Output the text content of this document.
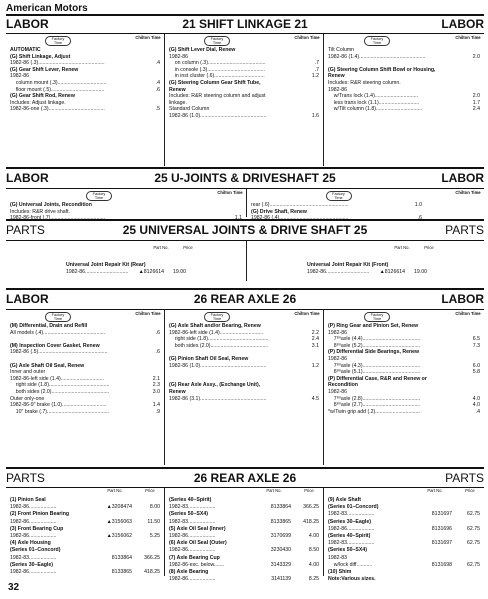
American Motors
LABOR	21 SHIFT LINKAGE 21	LABOR
Factory Time
Chilton Time
AUTOMATIC
(G) Shift Linkage, Adjust
1982-86 (.3)..............................................	.4
(G) Gear Shift Lever, Renew
1982-86
column mount (.3)..................................	.4
floor mount (.5).....................................	.6
(G) Gear Shift Rod, Renew
Includes: Adjust linkage.
1982-86-one (.3).......................................	.5
Factory Time
Chilton Time
(G) Shift Lever Dial, Renew
1982-86
on column (.3)........................................	.7
in console (.3)........................................	.7
in inst cluster (.6)...................................	1.2
(G) Steering Column Gear Shift Tube,
Renew
Includes: R&R steering column and adjust
linkage.
Standard Column
1982-86 (1.0)..............................................	1.6
Factory Time
Chilton Time
Tilt Column
1982-86 (1.4)..............................................	2.0
(G) Steering Column Shift Bowl or Housing,
Renew
Includes: R&R steering column.
1982-86
w/Trans lock (1.4)..............................	2.0
less trans lock (1.1)............................	1.7
w/Tilt column (1.8)................................	2.4
LABOR	25 U-JOINTS & DRIVESHAFT 25	LABOR
Factory Time
Chilton Time
(G) Universal Joints, Recondition
Includes: R&R drive shaft.
Factory Time
Chilton Time
rear (.6).......................................................	1.0
(G) Drive Shaft, Renew
PARTS	25 UNIVERSAL JOINTS & DRIVE SHAFT 25	PARTS
Part No.	Price
Universal Joint Repair Kit (Rear)
1982-86..............................	▲8126614	19.00
Part No.	Price
Universal Joint Repair Kit (Front)
1982-86..............................	▲8126614	19.00
LABOR	26 REAR AXLE 26	LABOR
Factory Time
Chilton Time
(M) Differential, Drain and Refill
All models (.4)...........................................	.6
(M) Inspection Cover Gasket, Renew
1982-86 (.5)................................................	.6
(G) Axle Shaft Oil Seal, Renew
Inner and outer
1982-86-left side (1.4)..............................	2.1
right side (1.8)..........................................	2.3
both sides (2.0)........................................	3.0
Outer only-one
1982-86-9" brake (1.0)...............................	1.4
10" brake (.7)...........................................	.9
Factory Time
Chilton Time
(G) Axle Shaft and/or Bearing, Renew
1982-86-left side (1.4)..............................	2.2
right side (1.8)..........................................	2.4
both sides (2.0)........................................	3.1
(G) Pinion Shaft Oil Seal, Renew
1982-86 (1.0)..............................................	1.2
(G) Rear Axle Assy., (Exchange Unit),
Renew
1982-86 (3.1)..............................................	4.5
Factory Time
Chilton Time
(P) Ring Gear and Pinion Set, Renew
1982-86
7⁸⁰axle (4.4)........................................	6.5
8⁸⁰axle (5.2)........................................	7.3
(P) Differential Side Bearings, Renew
1982-86
7⁸⁰axle (4.3)........................................	6.0
8⁸⁰axle (5.1)........................................	5.8
(P) Differential Case, R&R and Renew or
Recondition
1982-86
7⁸⁰axle (2.8)........................................	4.0
8⁸⁰axle (2.7)........................................	4.0
*w/Twin grip add (.2)...............................	.4
PARTS	26 REAR AXLE 26	PARTS
Part No.	Price
(1) Pinion Seal
1982-86...................	▲3208474	8.00
(2) Front Pinion Bearing
1982-86...................	▲3156063	11.50
(3) Front Bearing Cup
1982-86...................	▲3156062	5.25
(4) Axle Housing
(Series 01–Concord)
1982-83...................	8133864	366.25
(Series 30–Eagle)
1982-86...................	8133865	418.25
Part No.	Price
(Series 40–Spirit)
1982-83...................	8133864	366.25
(Series 50–SX4)
1982-83...................	8133865	418.25
(5) Axle Oil Seal (Inner)
1982-86...................	3170699	4.00
(6) Axle Oil Seal (Outer)
1982-86...................	3230430	8.50
(7) Axle Bearing Cup
1982-86-exc. below.......	3143329	4.00
(8) Axle Bearing
1982-86...................	3141139	8.25
Part No.	Price
(9) Axle Shaft
(Series 01–Concord)
1982-83...................	8131697	62.75
(Series 30–Eagle)
1982-86...................	8131696	62.75
(Series 40–Spirit)
1982-83...................	8131697	62.75
(Series 50–SX4)
1982-83
w/lock diff...........	8131698	62.75
(10) Shim
Note:Various sizes.
32
